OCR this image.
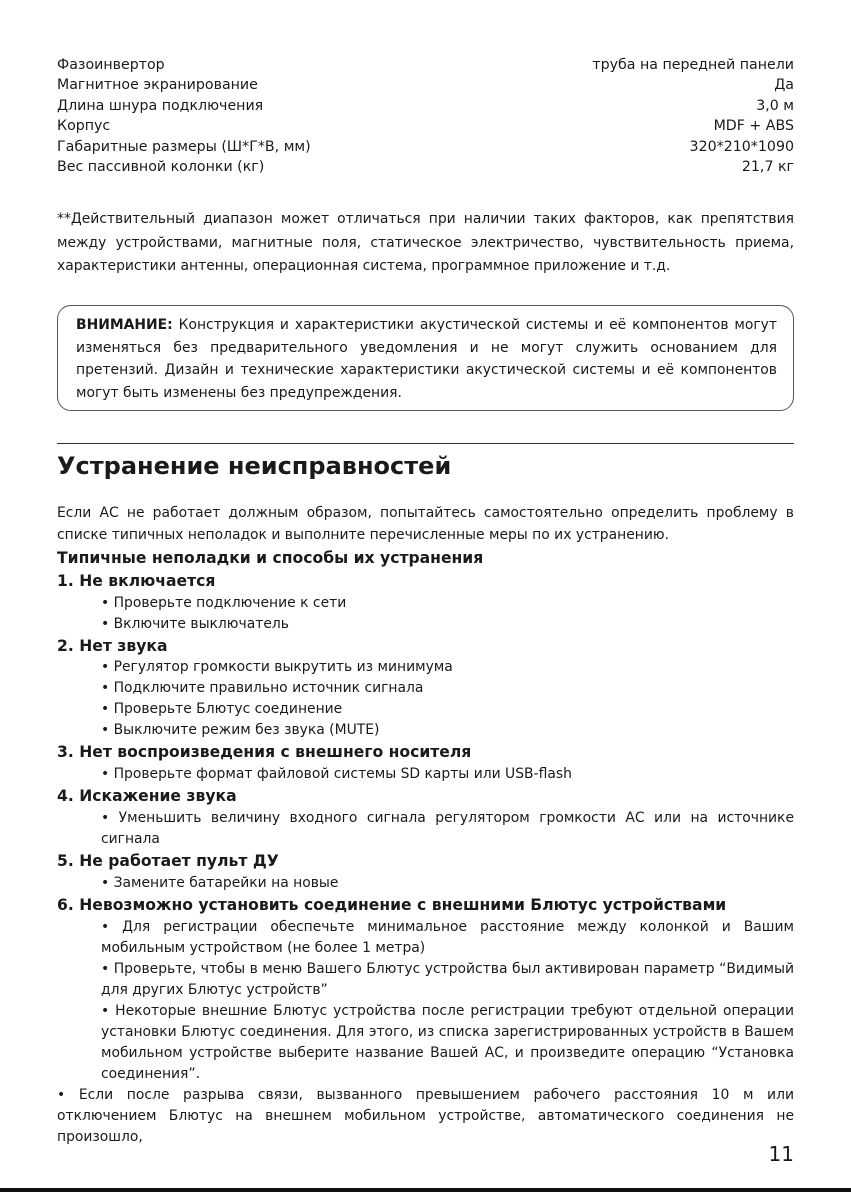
Фазоинвертор	труба на передней панели
Магнитное экранирование	Да
Длина шнура подключения	3,0 м
Корпус	MDF + ABS
Габаритные размеры (Ш*Г*В, мм)	320*210*1090
Вес пассивной колонки (кг)	21,7 кг
**Действительный диапазон может отличаться при наличии таких факторов, как препятствия между устройствами, магнитные поля, статическое электричество, чувствительность приема, характеристики антенны, операционная система, программное приложение и т.д.
ВНИМАНИЕ: Конструкция и характеристики акустической системы и её компонентов могут изменяться без предварительного уведомления и не могут служить основанием для претензий. Дизайн и технические характеристики акустической системы и её компонентов могут быть изменены без предупреждения.
Устранение неисправностей
Если АС не работает должным образом, попытайтесь самостоятельно определить проблему в списке типичных неполадок и выполните перечисленные меры по их устранению.
Типичные неполадки и способы их устранения
1. Не включается
• Проверьте подключение к сети
• Включите выключатель
2. Нет звука
• Регулятор громкости выкрутить из минимума
• Подключите правильно источник сигнала
• Проверьте Блютус соединение
• Выключите режим без звука (MUTE)
3. Нет воспроизведения с внешнего носителя
• Проверьте формат файловой системы SD карты или USB-flash
4. Искажение звука
• Уменьшить величину входного сигнала регулятором громкости АС или на источнике сигнала
5. Не работает пульт ДУ
• Замените батарейки на новые
6. Невозможно установить соединение с внешними Блютус устройствами
• Для регистрации обеспечьте минимальное расстояние между колонкой и Вашим мобильным устройством (не более 1 метра)
• Проверьте, чтобы в меню Вашего Блютус устройства был активирован параметр “Видимый для других Блютус устройств”
• Некоторые внешние Блютус устройства после регистрации требуют отдельной операции установки Блютус соединения. Для этого, из списка зарегистрированных устройств в Вашем мобильном устройстве выберите название Вашей АС, и произведите операцию “Установка соединения”.
• Если после разрыва связи, вызванного превышением рабочего расстояния 10 м или отключением Блютус на внешнем мобильном устройстве, автоматического соединения не произошло,
11
